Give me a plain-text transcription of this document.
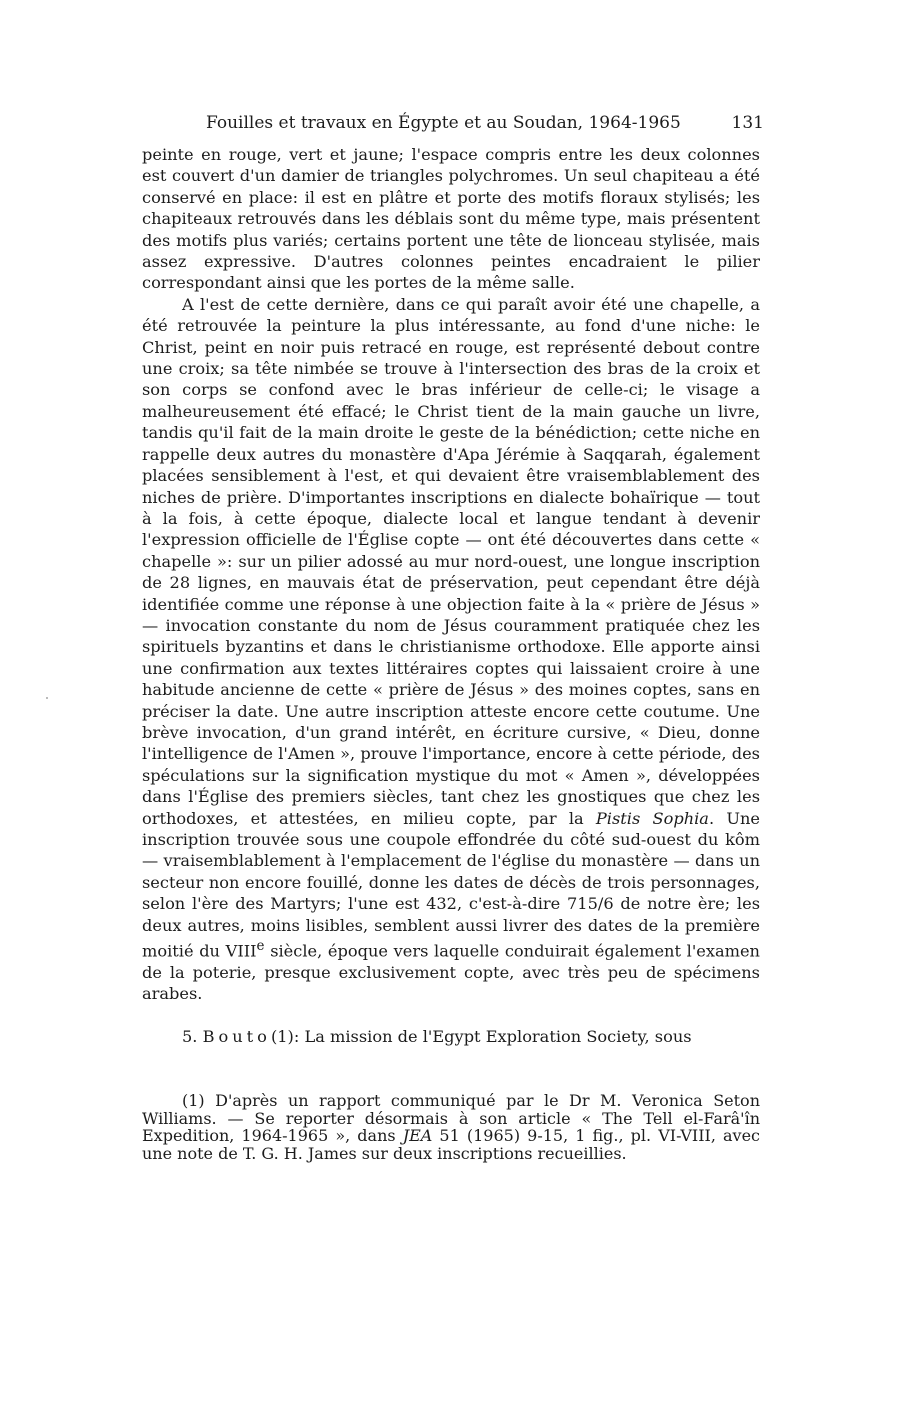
Fouilles et travaux en Égypte et au Soudan, 1964-1965	131

peinte en rouge, vert et jaune; l'espace compris entre les deux colonnes est couvert d'un damier de triangles polychromes. Un seul chapiteau a été conservé en place: il est en plâtre et porte des motifs floraux stylisés; les chapiteaux retrouvés dans les déblais sont du même type, mais présentent des motifs plus variés; certains portent une tête de lionceau stylisée, mais assez expressive. D'autres colonnes peintes encadraient le pilier correspondant ainsi que les portes de la même salle.

A l'est de cette dernière, dans ce qui paraît avoir été une chapelle, a été retrouvée la peinture la plus intéressante, au fond d'une niche: le Christ, peint en noir puis retracé en rouge, est représenté debout contre une croix; sa tête nimbée se trouve à l'intersection des bras de la croix et son corps se confond avec le bras inférieur de celle-ci; le visage a malheureusement été effacé; le Christ tient de la main gauche un livre, tandis qu'il fait de la main droite le geste de la bénédiction; cette niche en rappelle deux autres du monastère d'Apa Jérémie à Saqqarah, également placées sensiblement à l'est, et qui devaient être vraisemblablement des niches de prière. D'importantes inscriptions en dialecte bohaïrique — tout à la fois, à cette époque, dialecte local et langue tendant à devenir l'expression officielle de l'Église copte — ont été découvertes dans cette « chapelle »: sur un pilier adossé au mur nord-ouest, une longue inscription de 28 lignes, en mauvais état de préservation, peut cependant être déjà identifiée comme une réponse à une objection faite à la « prière de Jésus » — invocation constante du nom de Jésus couramment pratiquée chez les spirituels byzantins et dans le christianisme orthodoxe. Elle apporte ainsi une confirmation aux textes littéraires coptes qui laissaient croire à une habitude ancienne de cette « prière de Jésus » des moines coptes, sans en préciser la date. Une autre inscription atteste encore cette coutume. Une brève invocation, d'un grand intérêt, en écriture cursive, « Dieu, donne l'intelligence de l'Amen », prouve l'importance, encore à cette période, des spéculations sur la signification mystique du mot « Amen », développées dans l'Église des premiers siècles, tant chez les gnostiques que chez les orthodoxes, et attestées, en milieu copte, par la Pistis Sophia. Une inscription trouvée sous une coupole effondrée du côté sud-ouest du kôm — vraisemblablement à l'emplacement de l'église du monastère — dans un secteur non encore fouillé, donne les dates de décès de trois personnages, selon l'ère des Martyrs; l'une est 432, c'est-à-dire 715/6 de notre ère; les deux autres, moins lisibles, semblent aussi livrer des dates de la première moitié du VIIIe siècle, époque vers laquelle conduirait également l'examen de la poterie, presque exclusivement copte, avec très peu de spécimens arabes.

5. Bouto(1): La mission de l'Egypt Exploration Society, sous

(1) D'après un rapport communiqué par le Dr M. Veronica Seton Williams. — Se reporter désormais à son article « The Tell el-Farâ'în Expedition, 1964-1965 », dans JEA 51 (1965) 9-15, 1 fig., pl. VI-VIII, avec une note de T. G. H. James sur deux inscriptions recueillies.
